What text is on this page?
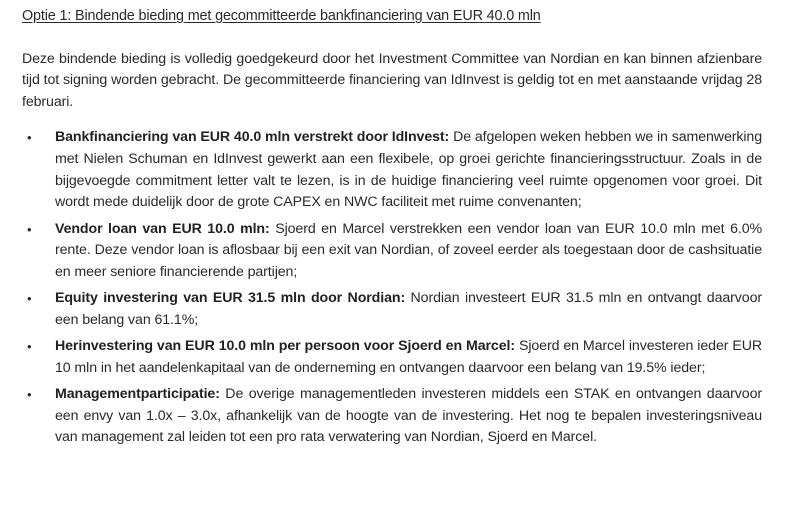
Optie 1: Bindende bieding met gecommitteerde bankfinanciering van EUR 40.0 mln

Deze bindende bieding is volledig goedgekeurd door het Investment Committee van Nordian en kan binnen afzienbare tijd tot signing worden gebracht. De gecommitteerde financiering van IdInvest is geldig tot en met aanstaande vrijdag 28 februari.

• Bankfinanciering van EUR 40.0 mln verstrekt door IdInvest: De afgelopen weken hebben we in samenwerking met Nielen Schuman en IdInvest gewerkt aan een flexibele, op groei gerichte financieringsstructuur. Zoals in de bijgevoegde commitment letter valt te lezen, is in de huidige financiering veel ruimte opgenomen voor groei. Dit wordt mede duidelijk door de grote CAPEX en NWC faciliteit met ruime convenanten;
• Vendor loan van EUR 10.0 mln: Sjoerd en Marcel verstrekken een vendor loan van EUR 10.0 mln met 6.0% rente. Deze vendor loan is aflosbaar bij een exit van Nordian, of zoveel eerder als toegestaan door de cashsituatie en meer seniore financierende partijen;
• Equity investering van EUR 31.5 mln door Nordian: Nordian investeert EUR 31.5 mln en ontvangt daarvoor een belang van 61.1%;
• Herinvestering van EUR 10.0 mln per persoon voor Sjoerd en Marcel: Sjoerd en Marcel investeren ieder EUR 10 mln in het aandelenkapitaal van de onderneming en ontvangen daarvoor een belang van 19.5% ieder;
• Managementparticipatie: De overige managementleden investeren middels een STAK en ontvangen daarvoor een envy van 1.0x – 3.0x, afhankelijk van de hoogte van de investering. Het nog te bepalen investeringsniveau van management zal leiden tot een pro rata verwatering van Nordian, Sjoerd en Marcel.
